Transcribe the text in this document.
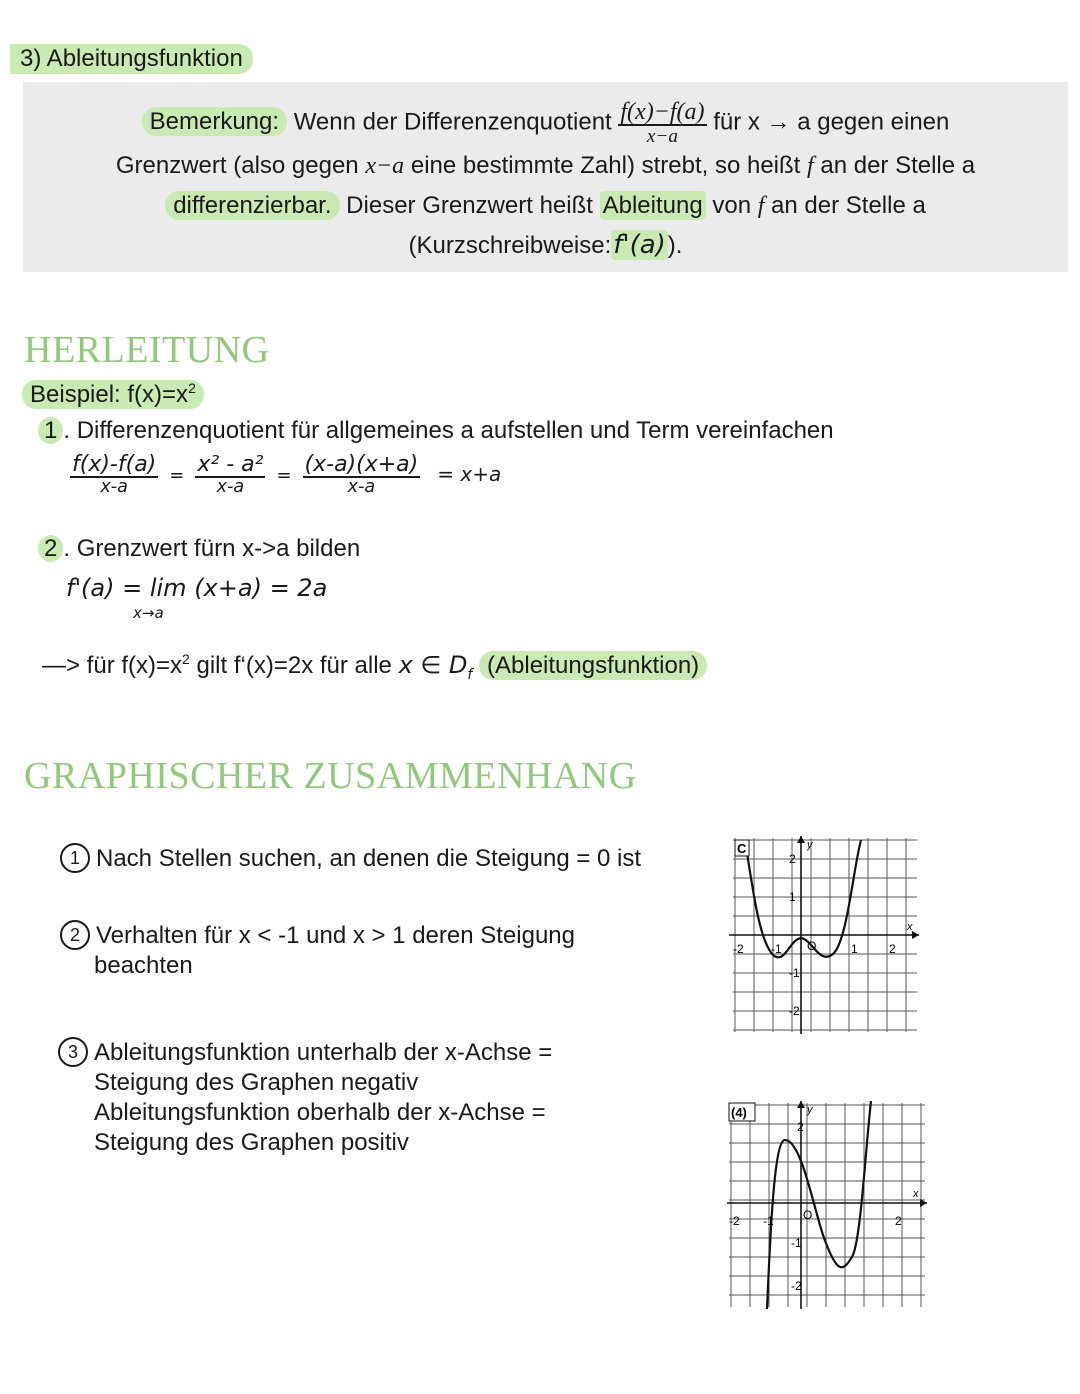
3) Ableitungsfunktion

Bemerkung: Wenn der Differenzenquotient $\frac{f(x)-f(a)}{x-a}$ für x → a gegen einen

Grenzwert (also gegen x−a eine bestimmte Zahl) strebt, so heißt f an der Stelle a

differenzierbar. Dieser Grenzwert heißt Ableitung von f an der Stelle a

(Kurzschreibweise:f'(a)).

HERLEITUNG
Beispiel: $f(x)=x^2$
1 . Differenzenquotient für allgemeines a aufstellen und Term vereinfachen
$\frac{f(x)-f(a)}{x-a} = \frac{\text{x² - a²}}{x-a} = \frac{(x-a)(x+a)}{x-a} = x+a$
2 . Grenzwert fürn x->a bilden
f'(a) = lim (x+a) = 2a
x→a
—> für $f(x)=x^2$ gilt f‘(x)=2x für alle x ∈ $D_f$ (Ableitungsfunktion)
GRAPHISCHER ZUSAMMENHANG
1 Nach Stellen suchen, an denen die Steigung = 0 ist
2 Verhalten für x < -1 und x > 1 deren Steigung
beachten
3 Ableitungsfunktion unterhalb der x-Achse =
Steigung des Graphen negativ
Ableitungsfunktion oberhalb der x-Achse =
Steigung des Graphen positiv
C
2
1
-1
-2
-2 -1 O	1	2
x
y
(4)
2
-1
-2
-2 -1 O	2
x
y
